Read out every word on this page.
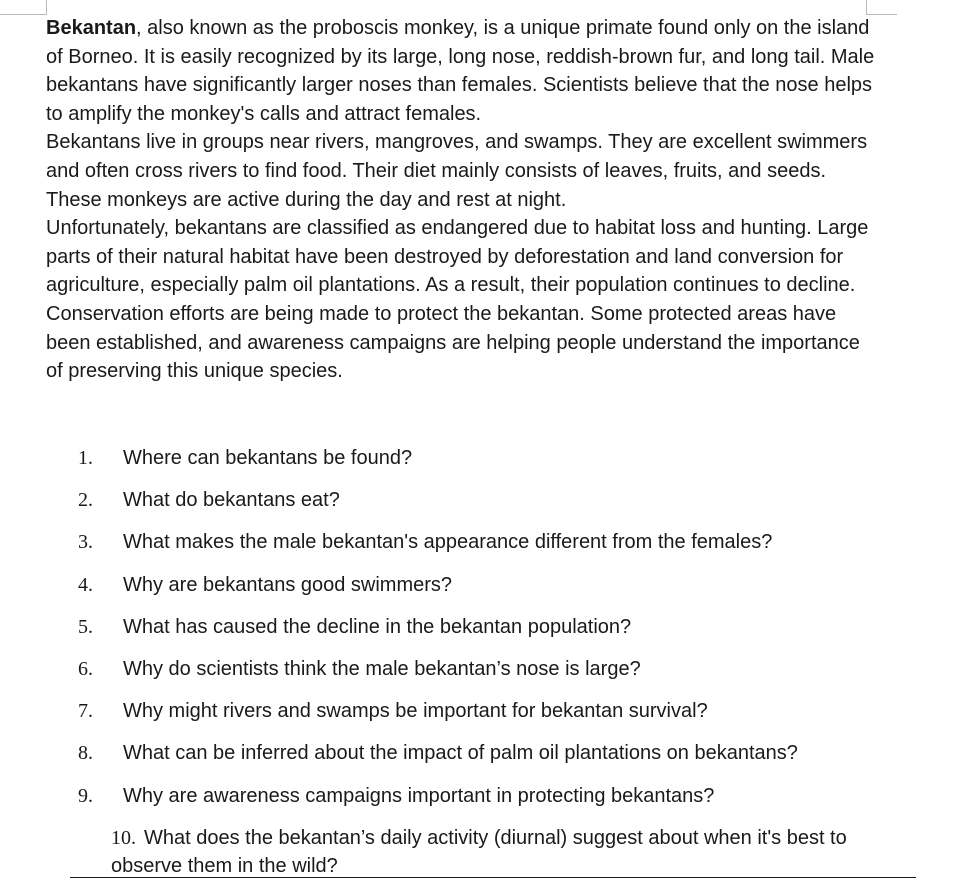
Bekantan, also known as the proboscis monkey, is a unique primate found only on the island of Borneo. It is easily recognized by its large, long nose, reddish-brown fur, and long tail. Male bekantans have significantly larger noses than females. Scientists believe that the nose helps to amplify the monkey's calls and attract females.

Bekantans live in groups near rivers, mangroves, and swamps. They are excellent swimmers and often cross rivers to find food. Their diet mainly consists of leaves, fruits, and seeds. These monkeys are active during the day and rest at night.

Unfortunately, bekantans are classified as endangered due to habitat loss and hunting. Large parts of their natural habitat have been destroyed by deforestation and land conversion for agriculture, especially palm oil plantations. As a result, their population continues to decline.

Conservation efforts are being made to protect the bekantan. Some protected areas have been established, and awareness campaigns are helping people understand the importance of preserving this unique species.

1. Where can bekantans be found?
2. What do bekantans eat?
3. What makes the male bekantan's appearance different from the females?
4. Why are bekantans good swimmers?
5. What has caused the decline in the bekantan population?
6. Why do scientists think the male bekantan’s nose is large?
7. Why might rivers and swamps be important for bekantan survival?
8. What can be inferred about the impact of palm oil plantations on bekantans?
9. Why are awareness campaigns important in protecting bekantans?
10. What does the bekantan’s daily activity (diurnal) suggest about when it's best to observe them in the wild?
